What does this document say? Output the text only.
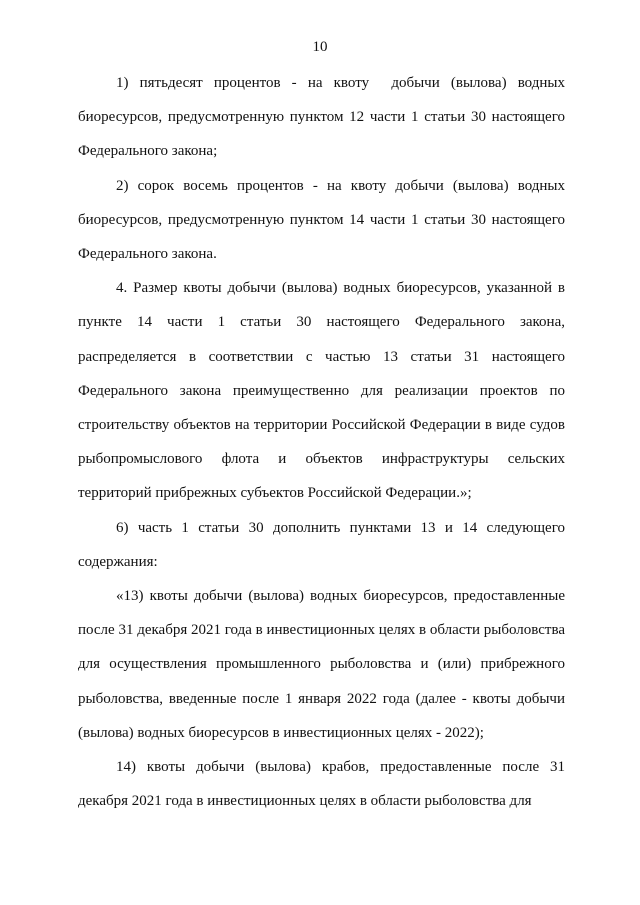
10

1) пятьдесят процентов - на квоту  добычи (вылова) водных биоресурсов, предусмотренную пунктом 12 части 1 статьи 30 настоящего Федерального закона;

2) сорок восемь процентов - на квоту добычи (вылова) водных биоресурсов, предусмотренную пунктом 14 части 1 статьи 30 настоящего Федерального закона.

4. Размер квоты добычи (вылова) водных биоресурсов, указанной в пункте 14 части 1 статьи 30 настоящего Федерального закона, распределяется в соответствии с частью 13 статьи 31 настоящего Федерального закона преимущественно для реализации проектов по строительству объектов на территории Российской Федерации в виде судов рыбопромыслового флота и объектов инфраструктуры сельских территорий прибрежных субъектов Российской Федерации.»;

6) часть 1 статьи 30 дополнить пунктами 13 и 14 следующего содержания:

«13) квоты добычи (вылова) водных биоресурсов, предоставленные после 31 декабря 2021 года в инвестиционных целях в области рыболовства для осуществления промышленного рыболовства и (или) прибрежного рыболовства, введенные после 1 января 2022 года (далее - квоты добычи (вылова) водных биоресурсов в инвестиционных целях - 2022);

14) квоты добычи (вылова) крабов, предоставленные после 31 декабря 2021 года в инвестиционных целях в области рыболовства для
